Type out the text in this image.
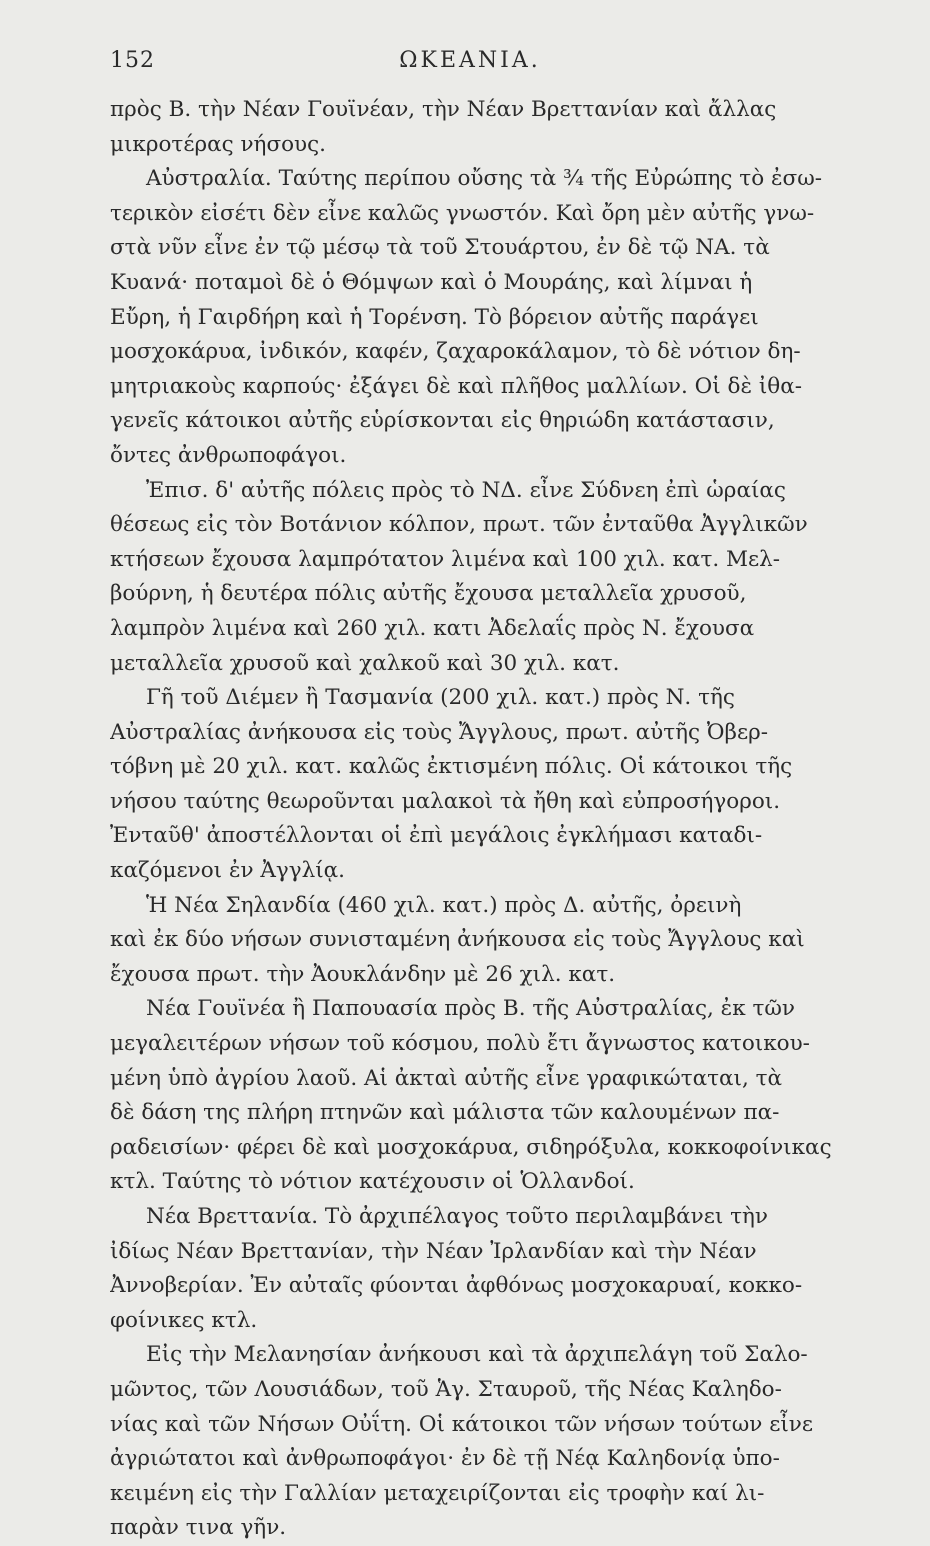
152	ΩΚΕΑΝΙΑ.
πρὸς Β. τὴν Νέαν Γουϊνέαν, τὴν Νέαν Βρεττανίαν καὶ ἄλλας
μικροτέρας νήσους.
Αὐστραλία. Ταύτης περίπου οὔσης τὰ ¾ τῆς Εὐρώπης τὸ ἐσω-
τερικὸν εἰσέτι δὲν εἶνε καλῶς γνωστόν. Καὶ ὄρη μὲν αὐτῆς γνω-
στὰ νῦν εἶνε ἐν τῷ μέσῳ τὰ τοῦ Στουάρτου, ἐν δὲ τῷ ΝΑ. τὰ
Κυανά· ποταμοὶ δὲ ὁ Θόμψων καὶ ὁ Μουράης, καὶ λίμναι ἡ
Εὔρη, ἡ Γαιρδήρη καὶ ἡ Τορένση. Τὸ βόρειον αὐτῆς παράγει
μοσχοκάρυα, ἰνδικόν, καφέν, ζαχαροκάλαμον, τὸ δὲ νότιον δη-
μητριακοὺς καρπούς· ἐξάγει δὲ καὶ πλῆθος μαλλίων. Οἱ δὲ ἰθα-
γενεῖς κάτοικοι αὐτῆς εὑρίσκονται εἰς θηριώδη κατάστασιν,
ὄντες ἀνθρωποφάγοι.
Ἐπισ. δ' αὐτῆς πόλεις πρὸς τὸ ΝΔ. εἶνε Σύδνεη ἐπὶ ὡραίας
θέσεως εἰς τὸν Βοτάνιον κόλπον, πρωτ. τῶν ἐνταῦθα Ἀγγλικῶν
κτήσεων ἔχουσα λαμπρότατον λιμένα καὶ 100 χιλ. κατ. Μελ-
βούρνη, ἡ δευτέρα πόλις αὐτῆς ἔχουσα μεταλλεῖα χρυσοῦ,
λαμπρὸν λιμένα καὶ 260 χιλ. κατι Ἀδελαΐς πρὸς Ν. ἔχουσα
μεταλλεῖα χρυσοῦ καὶ χαλκοῦ καὶ 30 χιλ. κατ.
Γῆ τοῦ Διέμεν ἢ Τασμανία (200 χιλ. κατ.) πρὸς Ν. τῆς
Αὐστραλίας ἀνήκουσα εἰς τοὺς Ἄγγλους, πρωτ. αὐτῆς Ὀβερ-
τόβνη μὲ 20 χιλ. κατ. καλῶς ἐκτισμένη πόλις. Οἱ κάτοικοι τῆς
νήσου ταύτης θεωροῦνται μαλακοὶ τὰ ἤθη καὶ εὐπροσήγοροι.
Ἐνταῦθ' ἀποστέλλονται οἱ ἐπὶ μεγάλοις ἐγκλήμασι καταδι-
καζόμενοι ἐν Ἀγγλίᾳ.
Ἡ Νέα Σηλανδία (460 χιλ. κατ.) πρὸς Δ. αὐτῆς, ὀρεινὴ
καὶ ἐκ δύο νήσων συνισταμένη ἀνήκουσα εἰς τοὺς Ἄγγλους καὶ
ἔχουσα πρωτ. τὴν Ἀουκλάνδην μὲ 26 χιλ. κατ.
Νέα Γουϊνέα ἢ Παπουασία πρὸς Β. τῆς Αὐστραλίας, ἐκ τῶν
μεγαλειτέρων νήσων τοῦ κόσμου, πολὺ ἔτι ἄγνωστος κατοικου-
μένη ὑπὸ ἀγρίου λαοῦ. Αἱ ἀκταὶ αὐτῆς εἶνε γραφικώταται, τὰ
δὲ δάση της πλήρη πτηνῶν καὶ μάλιστα τῶν καλουμένων πα-
ραδεισίων· φέρει δὲ καὶ μοσχοκάρυα, σιδηρόξυλα, κοκκοφοίνικας
κτλ. Ταύτης τὸ νότιον κατέχουσιν οἱ Ὁλλανδοί.
Νέα Βρεττανία. Τὸ ἀρχιπέλαγος τοῦτο περιλαμβάνει τὴν
ἰδίως Νέαν Βρεττανίαν, τὴν Νέαν Ἰρλανδίαν καὶ τὴν Νέαν
Ἀννοβερίαν. Ἐν αὐταῖς φύονται ἀφθόνως μοσχοκαρυαί, κοκκο-
φοίνικες κτλ.
Εἰς τὴν Μελανησίαν ἀνήκουσι καὶ τὰ ἀρχιπελάγη τοῦ Σαλο-
μῶντος, τῶν Λουσιάδων, τοῦ Ἁγ. Σταυροῦ, τῆς Νέας Καληδο-
νίας καὶ τῶν Νήσων Οὐΐτη. Οἱ κάτοικοι τῶν νήσων τούτων εἶνε
ἀγριώτατοι καὶ ἀνθρωποφάγοι· ἐν δὲ τῇ Νέᾳ Καληδονίᾳ ὑπο-
κειμένη εἰς τὴν Γαλλίαν μεταχειρίζονται εἰς τροφὴν καί λι-
παρὰν τινα γῆν.
